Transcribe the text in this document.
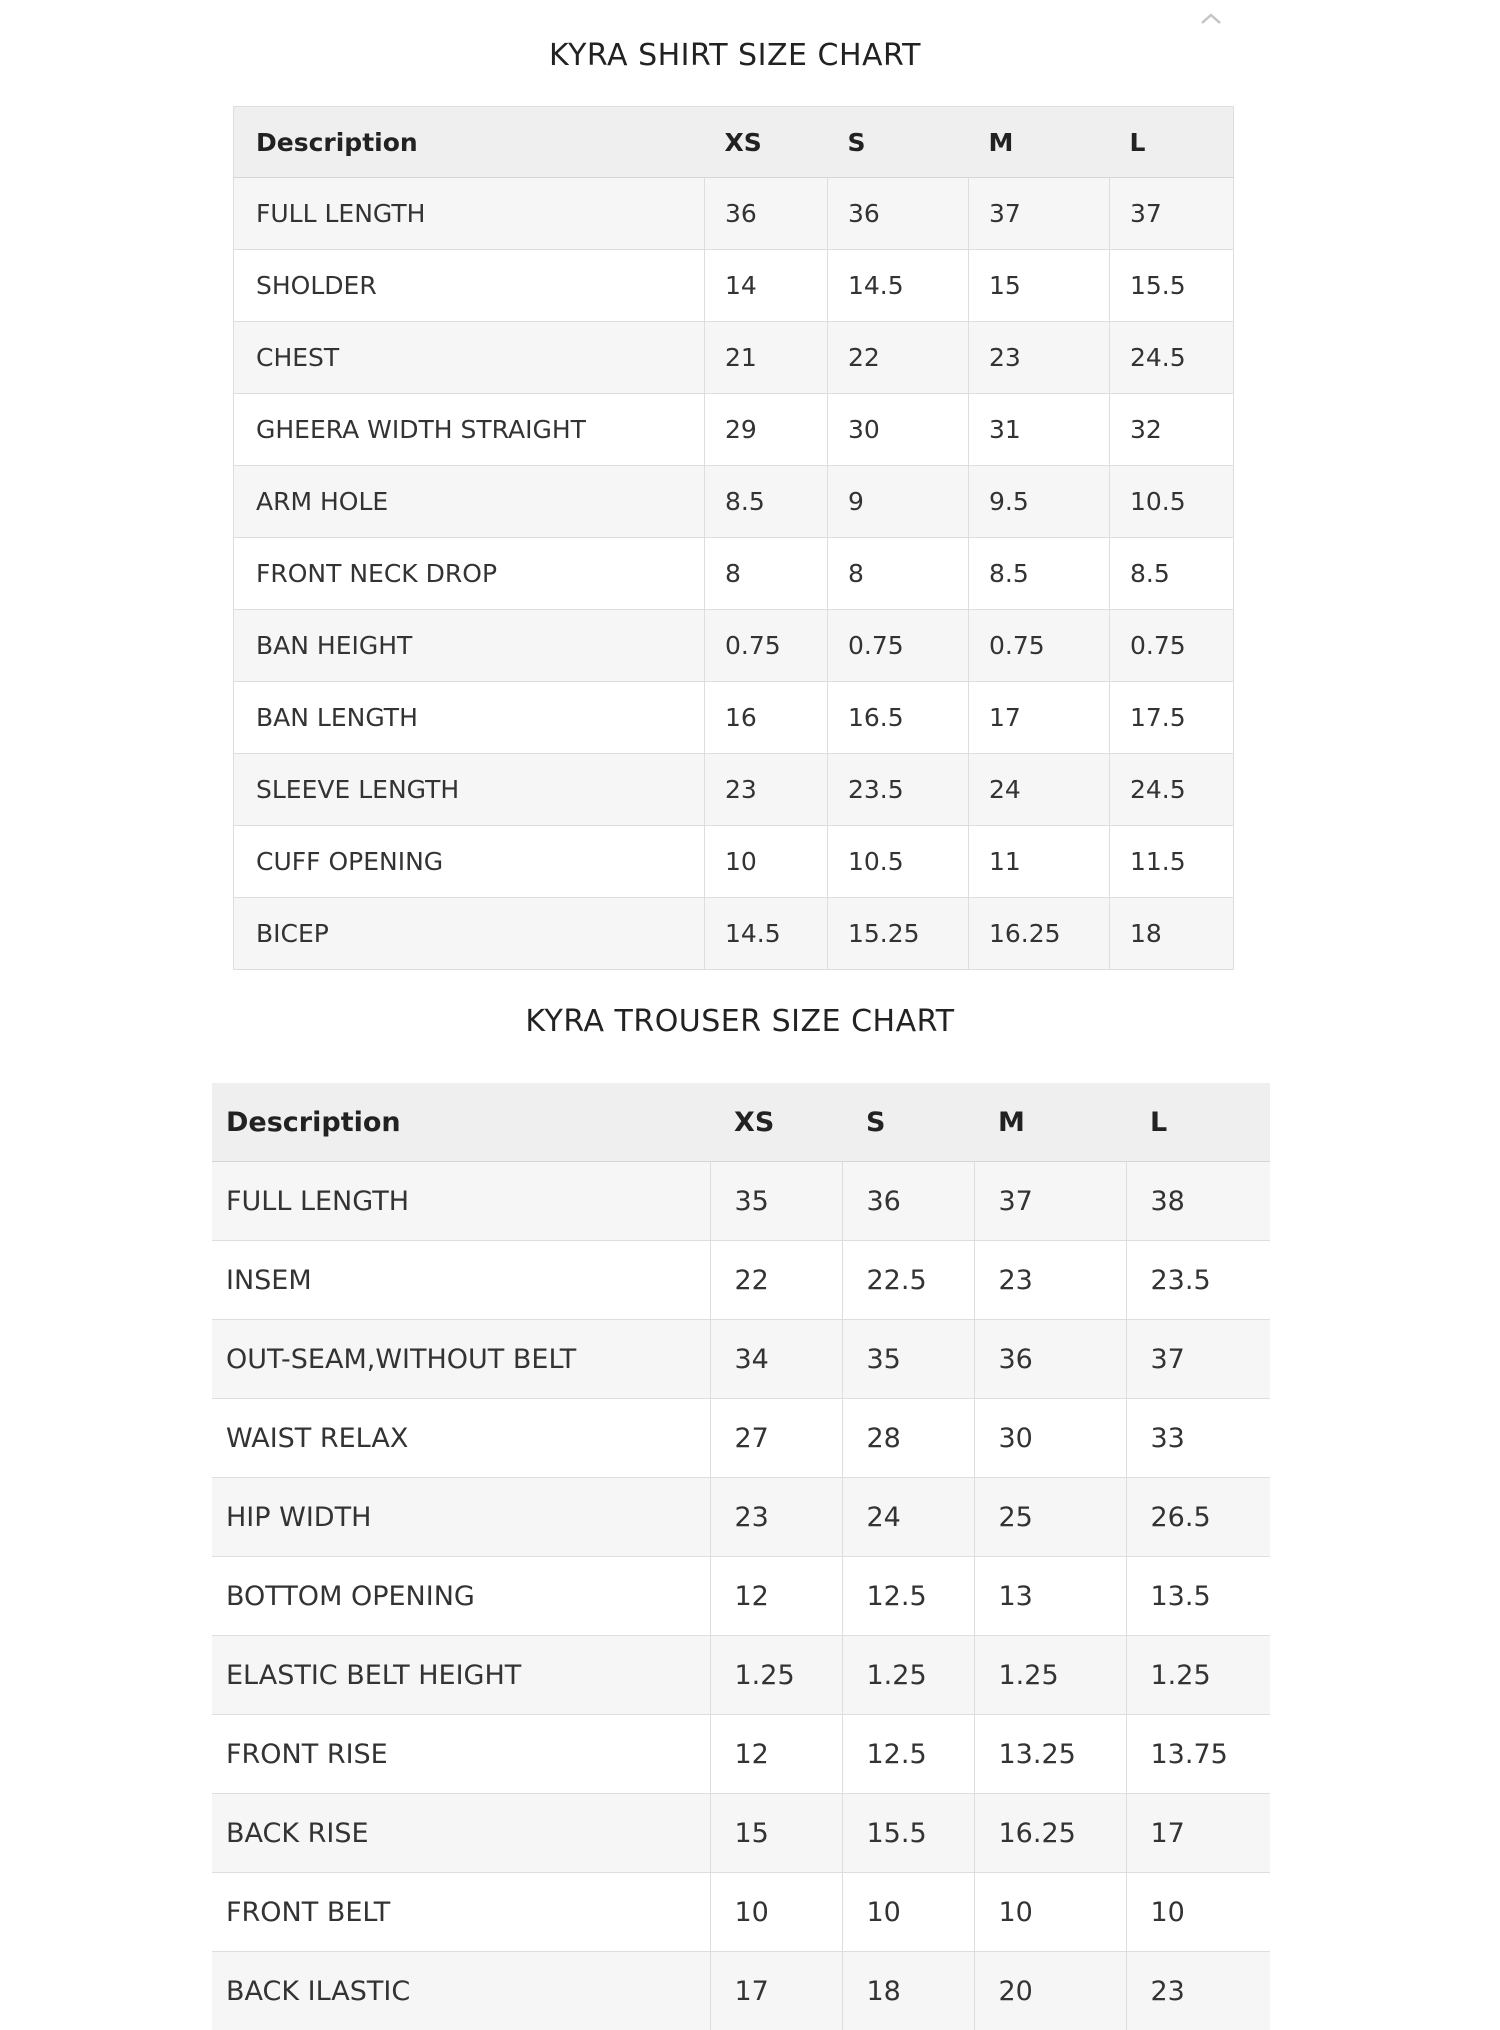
KYRA SHIRT SIZE CHART
Description	XS	S	M	L
FULL LENGTH	36	36	37	37
SHOLDER	14	14.5	15	15.5
CHEST	21	22	23	24.5
GHEERA WIDTH STRAIGHT	29	30	31	32
ARM HOLE	8.5	9	9.5	10.5
FRONT NECK DROP	8	8	8.5	8.5
BAN HEIGHT	0.75	0.75	0.75	0.75
BAN LENGTH	16	16.5	17	17.5
SLEEVE LENGTH	23	23.5	24	24.5
CUFF OPENING	10	10.5	11	11.5
BICEP	14.5	15.25	16.25	18
KYRA TROUSER SIZE CHART
Description	XS	S	M	L
FULL LENGTH	35	36	37	38
INSEM	22	22.5	23	23.5
OUT-SEAM,WITHOUT BELT	34	35	36	37
WAIST RELAX	27	28	30	33
HIP WIDTH	23	24	25	26.5
BOTTOM OPENING	12	12.5	13	13.5
ELASTIC BELT HEIGHT	1.25	1.25	1.25	1.25
FRONT RISE	12	12.5	13.25	13.75
BACK RISE	15	15.5	16.25	17
FRONT BELT	10	10	10	10
BACK ILASTIC	17	18	20	23
